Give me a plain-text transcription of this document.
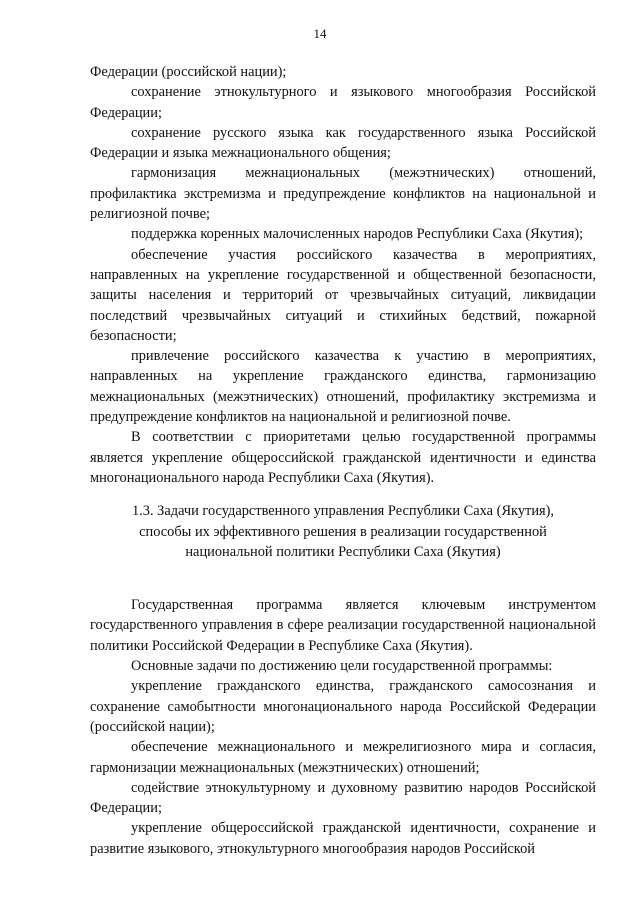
14

Федерации (российской нации);

сохранение этнокультурного и языкового многообразия Российской Федерации;

сохранение русского языка как государственного языка Российской Федерации и языка межнационального общения;

гармонизация межнациональных (межэтнических) отношений, профилактика экстремизма и предупреждение конфликтов на национальной и религиозной почве;

поддержка коренных малочисленных народов Республики Саха (Якутия);

обеспечение участия российского казачества в мероприятиях, направленных на укрепление государственной и общественной безопасности, защиты населения и территорий от чрезвычайных ситуаций, ликвидации последствий чрезвычайных ситуаций и стихийных бедствий, пожарной безопасности;

привлечение российского казачества к участию в мероприятиях, направленных на укрепление гражданского единства, гармонизацию межнациональных (межэтнических) отношений, профилактику экстремизма и предупреждение конфликтов на национальной и религиозной почве.

В соответствии с приоритетами целью государственной программы является укрепление общероссийской гражданской идентичности и единства многонационального народа Республики Саха (Якутия).

1.3. Задачи государственного управления Республики Саха (Якутия), способы их эффективного решения в реализации государственной национальной политики Республики Саха (Якутия)

Государственная программа является ключевым инструментом государственного управления в сфере реализации государственной национальной политики Российской Федерации в Республике Саха (Якутия).

Основные задачи по достижению цели государственной программы:

укрепление гражданского единства, гражданского самосознания и сохранение самобытности многонационального народа Российской Федерации (российской нации);

обеспечение межнационального и межрелигиозного мира и согласия, гармонизации межнациональных (межэтнических) отношений;

содействие этнокультурному и духовному развитию народов Российской Федерации;

укрепление общероссийской гражданской идентичности, сохранение и развитие языкового, этнокультурного многообразия народов Российской
